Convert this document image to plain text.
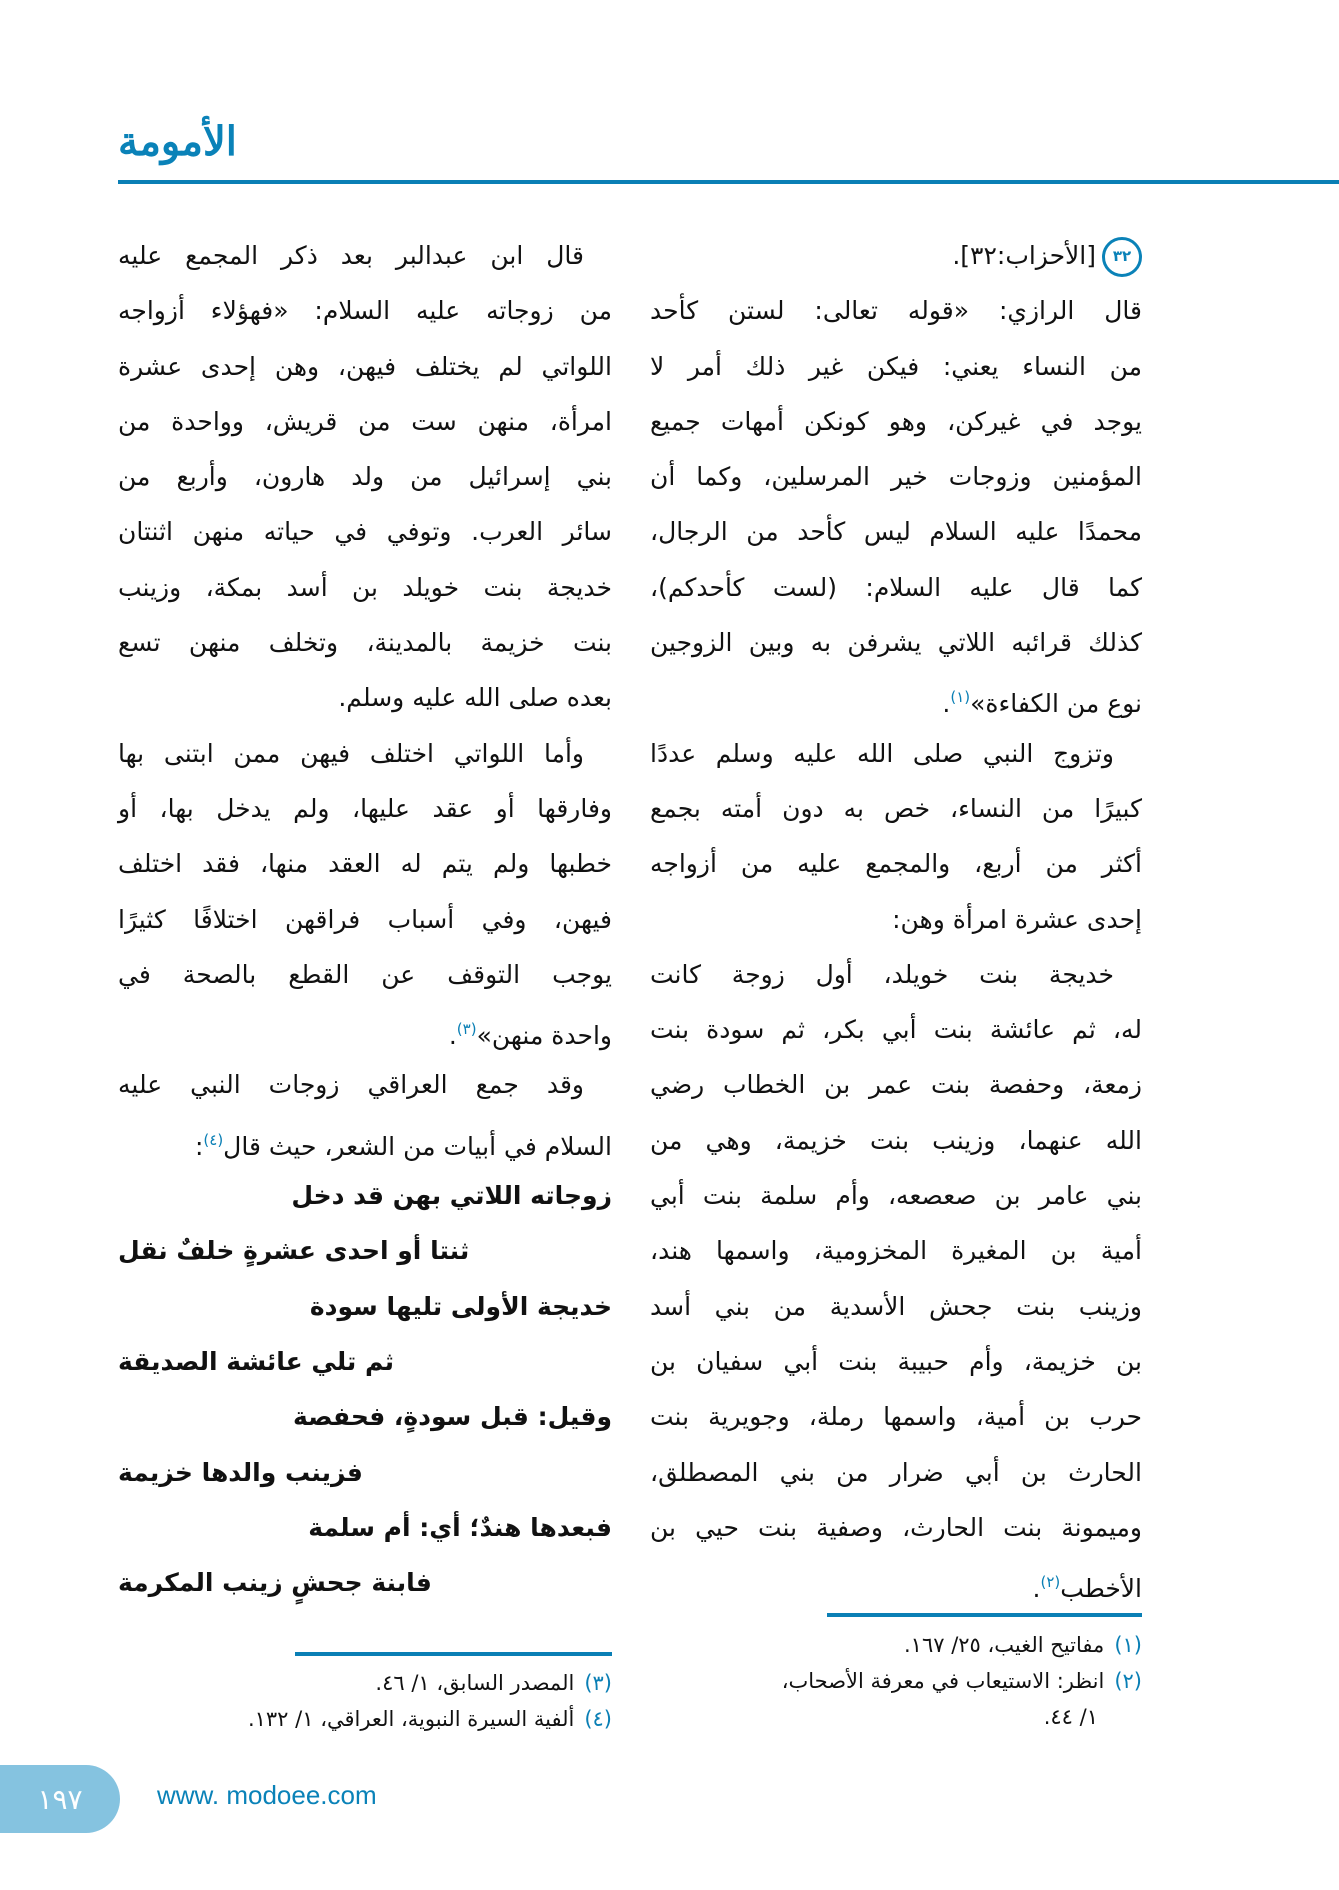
الأمومة
٣٢
[الأحزاب:٣٢].
قال الرازي: «قوله تعالى: لستن كأحد
من النساء يعني: فيكن غير ذلك أمر لا
يوجد في غيركن، وهو كونكن أمهات جميع
المؤمنين وزوجات خير المرسلين، وكما أن
محمدًا عليه السلام ليس كأحد من الرجال،
كما قال عليه السلام: (لست كأحدكم)،
كذلك قرائبه اللاتي يشرفن به وبين الزوجين
نوع من الكفاءة»$^{(١)}$.
وتزوج النبي صلى الله عليه وسلم عددًا
كبيرًا من النساء، خص به دون أمته بجمع
أكثر من أربع، والمجمع عليه من أزواجه
إحدى عشرة امرأة وهن:
خديجة بنت خويلد، أول زوجة كانت
له، ثم عائشة بنت أبي بكر، ثم سودة بنت
زمعة، وحفصة بنت عمر بن الخطاب رضي
الله عنهما، وزينب بنت خزيمة، وهي من
بني عامر بن صعصعه، وأم سلمة بنت أبي
أمية بن المغيرة المخزومية، واسمها هند،
وزينب بنت جحش الأسدية من بني أسد
بن خزيمة، وأم حبيبة بنت أبي سفيان بن
حرب بن أمية، واسمها رملة، وجويرية بنت
الحارث بن أبي ضرار من بني المصطلق،
وميمونة بنت الحارث، وصفية بنت حيي بن
الأخطب$^{(٢)}$.
قال ابن عبدالبر بعد ذكر المجمع عليه
من زوجاته عليه السلام: «فهؤلاء أزواجه
اللواتي لم يختلف فيهن، وهن إحدى عشرة
امرأة، منهن ست من قريش، وواحدة من
بني إسرائيل من ولد هارون، وأربع من
سائر العرب. وتوفي في حياته منهن اثنتان
خديجة بنت خويلد بن أسد بمكة، وزينب
بنت خزيمة بالمدينة، وتخلف منهن تسع
بعده صلى الله عليه وسلم.
وأما اللواتي اختلف فيهن ممن ابتنى بها
وفارقها أو عقد عليها، ولم يدخل بها، أو
خطبها ولم يتم له العقد منها، فقد اختلف
فيهن، وفي أسباب فراقهن اختلافًا كثيرًا
يوجب التوقف عن القطع بالصحة في
واحدة منهن»$^{(٣)}$.
وقد جمع العراقي زوجات النبي عليه
السلام في أبيات من الشعر، حيث قال$^{(٤)}$:
زوجاته اللاتي بهن قد دخل
ثنتا أو احدى عشرةٍ خلفٌ نقل
خديجة الأولى تليها سودة
ثم تلي عائشة الصديقة
وقيل: قبل سودةٍ، فحفصة
فزينب والدها خزيمة
فبعدها هندٌ؛ أي: أم سلمة
فابنة جحشٍ زينب المكرمة
(١)مفاتيح الغيب، ٢٥/ ١٦٧.
(٢)انظر: الاستيعاب في معرفة الأصحاب،
١/ ٤٤.
(٣)المصدر السابق، ١/ ٤٦.
(٤)ألفية السيرة النبوية، العراقي، ١/ ١٣٢.
١٩٧	www. modoee.com
